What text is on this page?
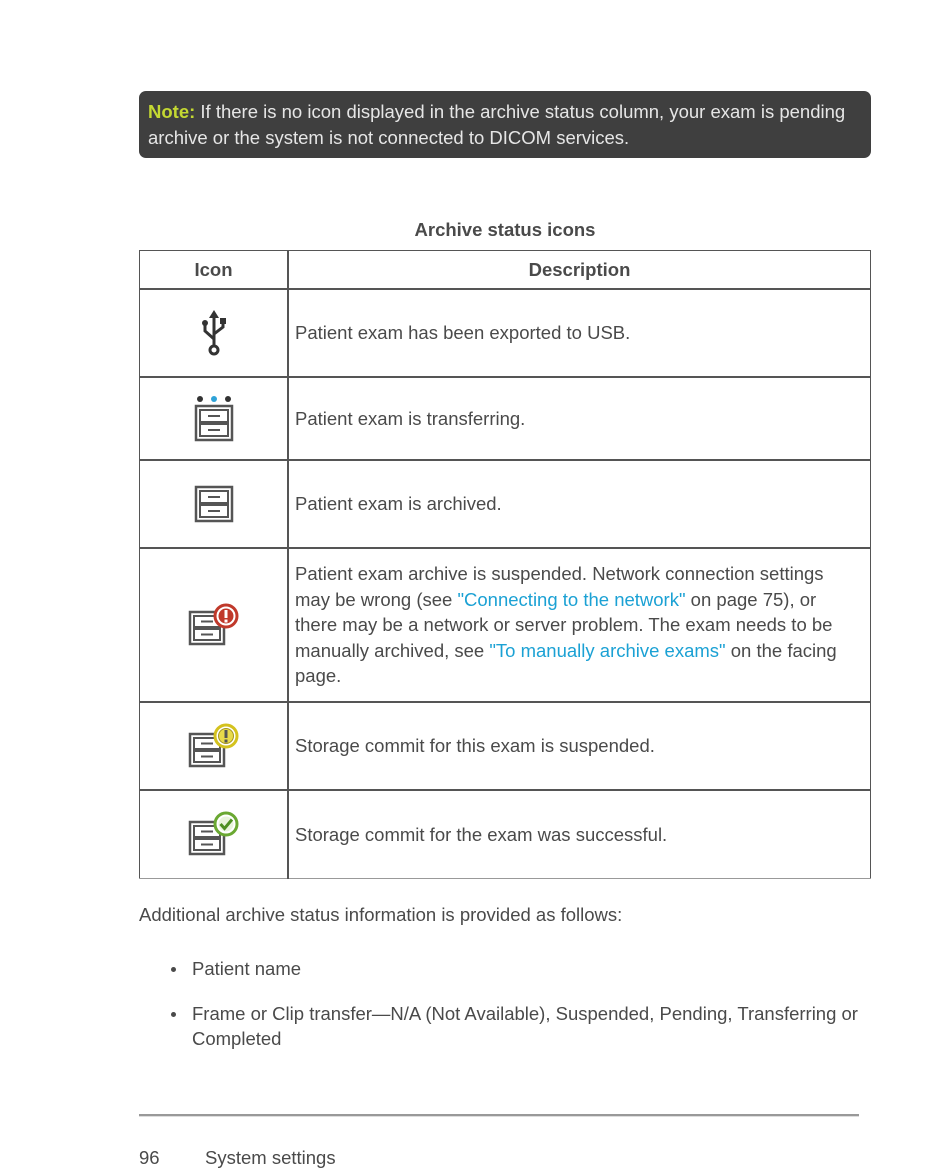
Note: If there is no icon displayed in the archive status column, your exam is pending archive or the system is not connected to DICOM services.
Archive status icons
Icon	Description

	Patient exam has been exported to USB.

	Patient exam is transferring.

	Patient exam is archived.

	Patient exam archive is suspended. Network connection settings may be wrong (see "Connecting to the network" on page 75), or there may be a network or server problem. The exam needs to be manually archived, see "To manually archive exams" on the facing page.

	Storage commit for this exam is suspended.

	Storage commit for the exam was successful.
Additional archive status information is provided as follows:
Patient name
Frame or Clip transfer—N/A (Not Available), Suspended, Pending, Transferring or Completed
96 System settings
